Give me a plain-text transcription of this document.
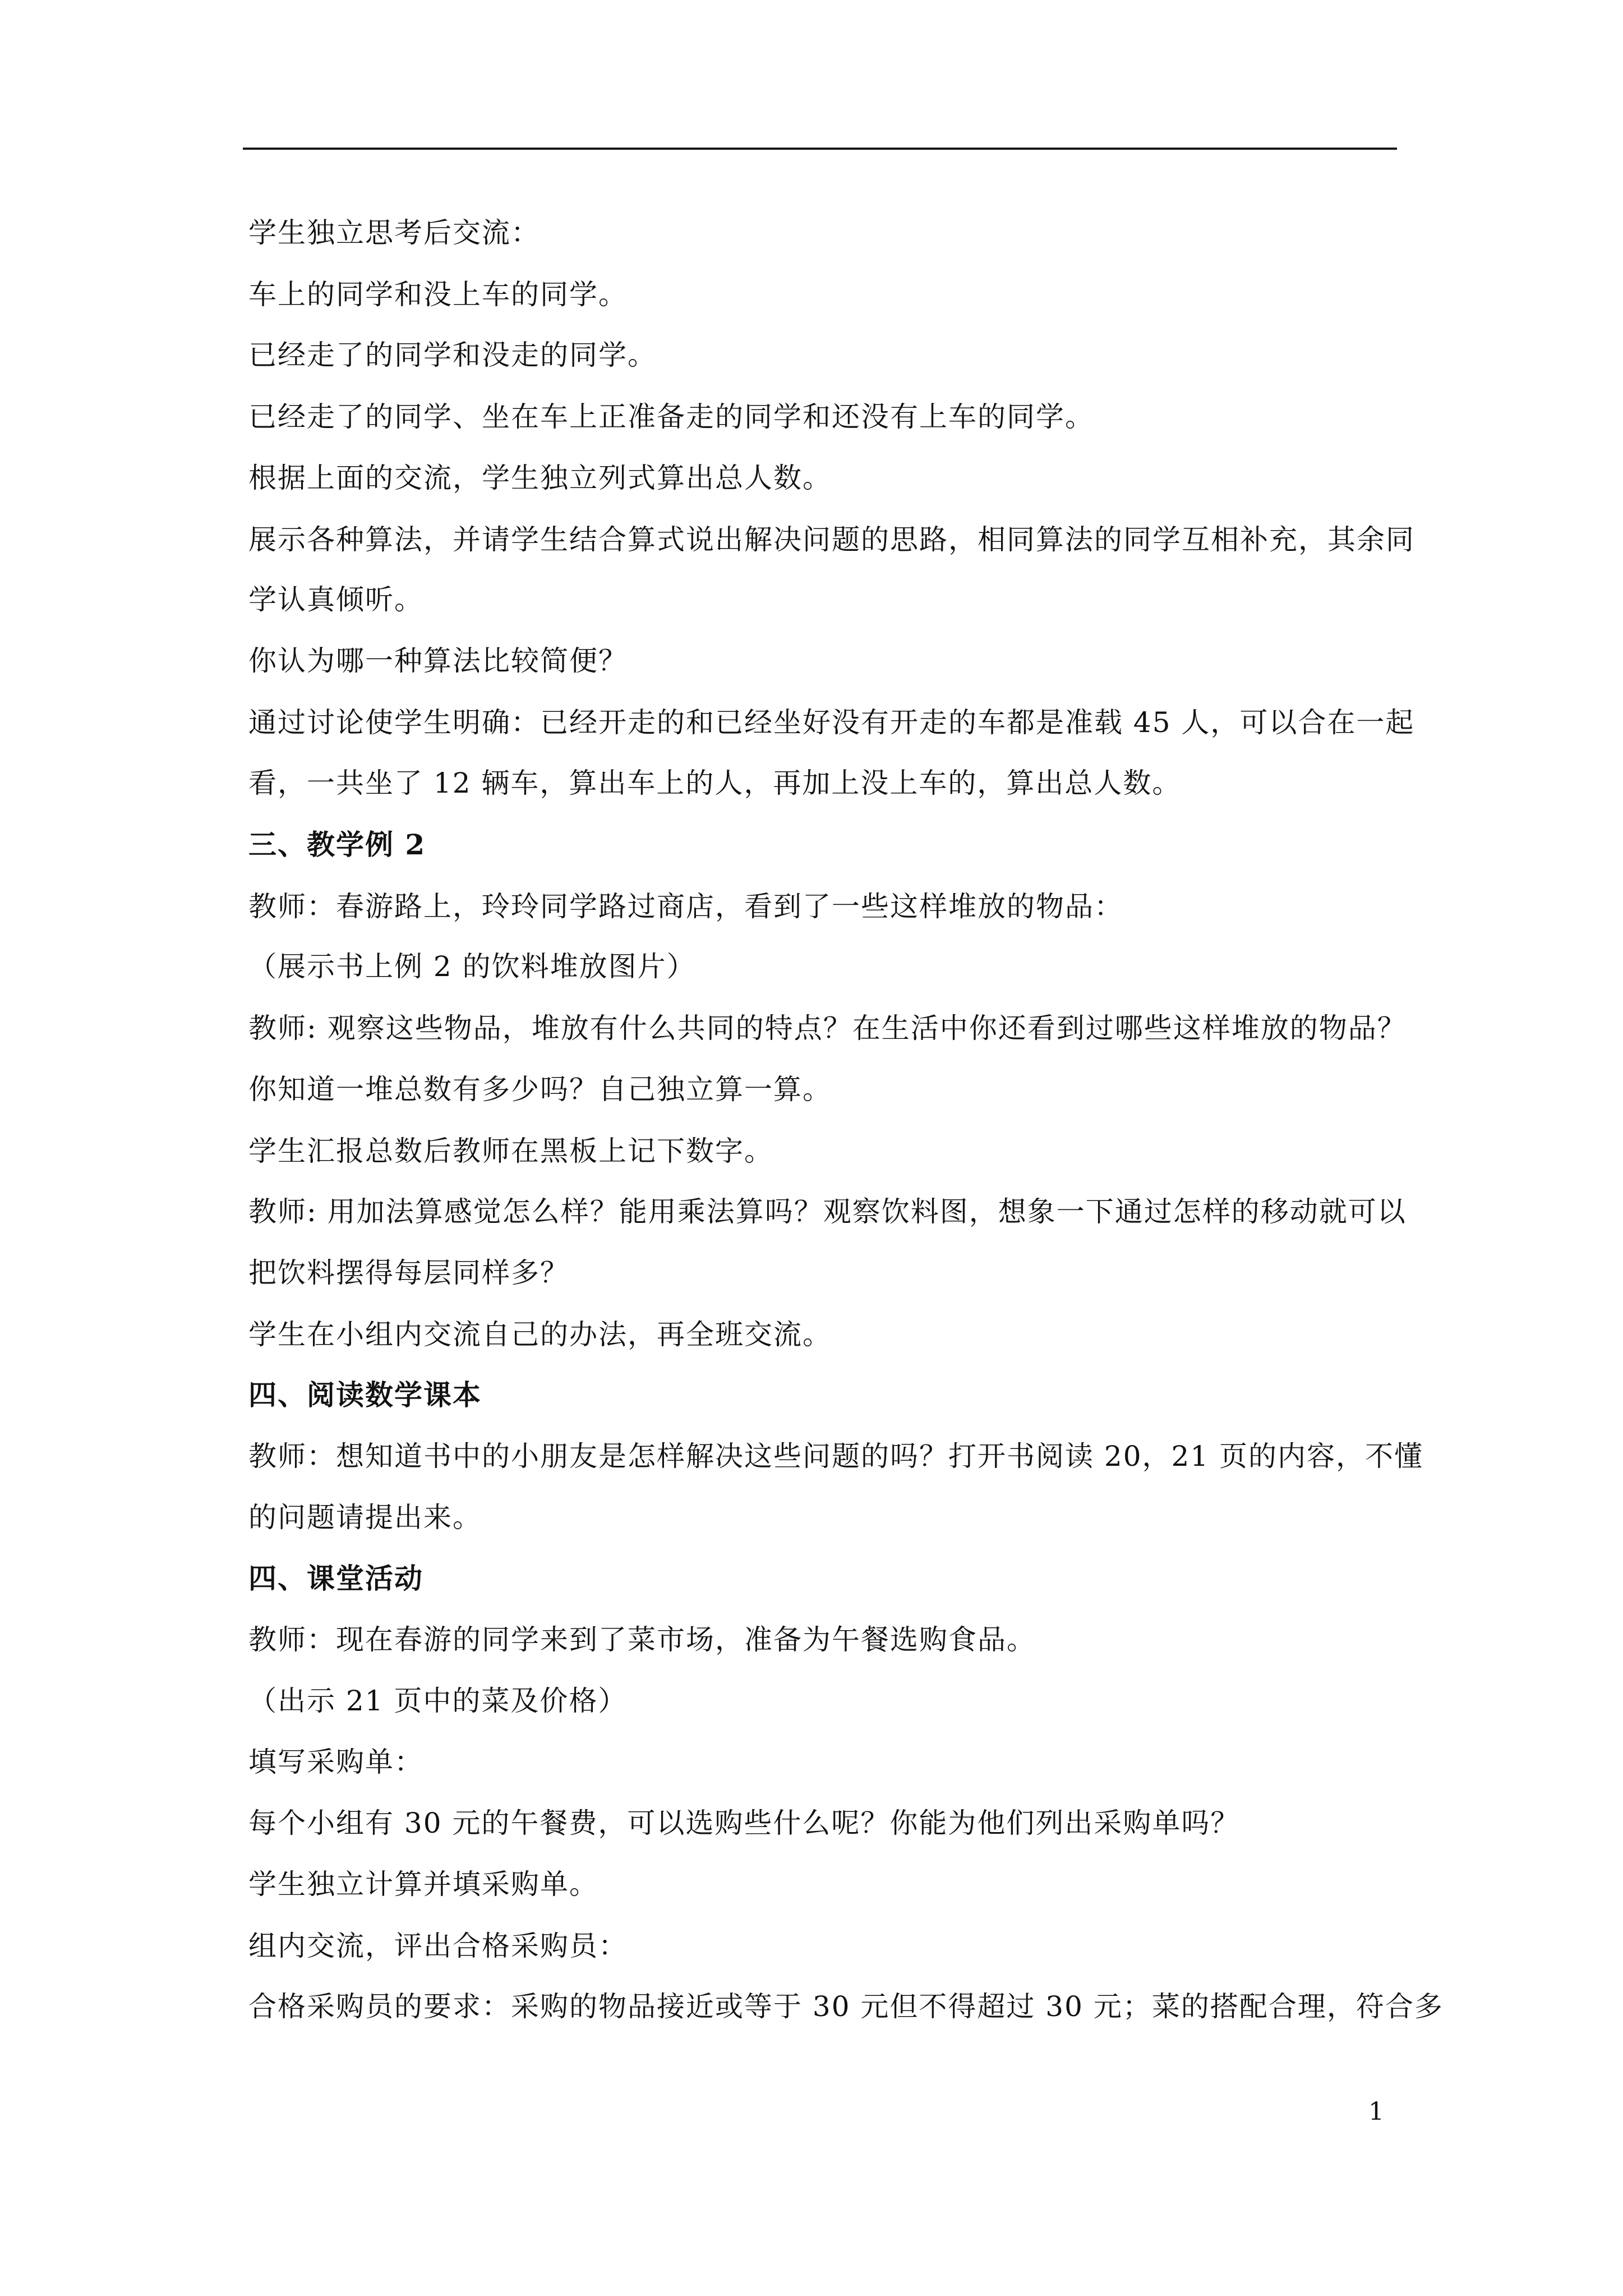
学生独立思考后交流：
车上的同学和没上车的同学。
已经走了的同学和没走的同学。
已经走了的同学、坐在车上正准备走的同学和还没有上车的同学。
根据上面的交流，学生独立列式算出总人数。
展示各种算法，并请学生结合算式说出解决问题的思路，相同算法的同学互相补充，其余同
学认真倾听。
你认为哪一种算法比较简便？
通过讨论使学生明确：已经开走的和已经坐好没有开走的车都是准载 45 人，可以合在一起
看，一共坐了 12 辆车，算出车上的人，再加上没上车的，算出总人数。
三、教学例 2
教师：春游路上，玲玲同学路过商店，看到了一些这样堆放的物品：
（展示书上例 2 的饮料堆放图片）
教师: 观察这些物品，堆放有什么共同的特点？在生活中你还看到过哪些这样堆放的物品？
你知道一堆总数有多少吗？自己独立算一算。
学生汇报总数后教师在黑板上记下数字。
教师: 用加法算感觉怎么样？能用乘法算吗？观察饮料图，想象一下通过怎样的移动就可以
把饮料摆得每层同样多？
学生在小组内交流自己的办法，再全班交流。
四、阅读数学课本
教师：想知道书中的小朋友是怎样解决这些问题的吗？打开书阅读 20，21 页的内容，不懂
的问题请提出来。
四、课堂活动
教师：现在春游的同学来到了菜市场，准备为午餐选购食品。
（出示 21 页中的菜及价格）
填写采购单：
每个小组有 30 元的午餐费，可以选购些什么呢？你能为他们列出采购单吗？
学生独立计算并填采购单。
组内交流，评出合格采购员：
合格采购员的要求：采购的物品接近或等于 30 元但不得超过 30 元；菜的搭配合理，符合多
1
